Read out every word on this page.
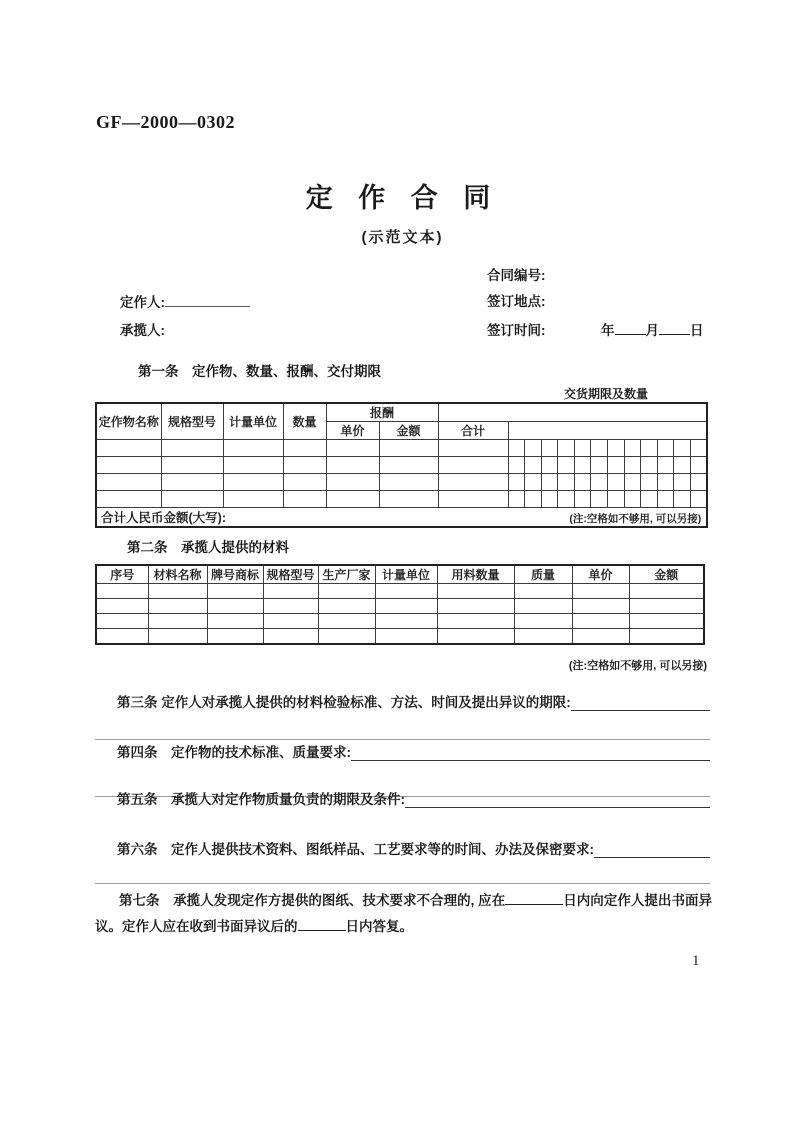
GF—2000—0302
定 作 合 同
(示范文本)
合同编号:
定作人:	签订地点:
承揽人:	签订时间:	年 月 日
第一条　定作物、数量、报酬、交付期限
交货期限及数量
定作物名称	规格型号	计量单位	数量	报酬														
				单价	金额	合计												

合计人民币金额(大写): (注:空格如不够用, 可以另接)																		
第二条　承揽人提供的材料
序号	材料名称	牌号商标	规格型号	生产厂家	计量单位	用料数量	质量	单价	金额

(注:空格如不够用, 可以另接)
第三条 定作人对承揽人提供的材料检验标准、方法、时间及提出异议的期限:
第四条　定作物的技术标准、质量要求:
第五条　承揽人对定作物质量负责的期限及条件:
第六条　定作人提供技术资料、图纸样品、工艺要求等的时间、办法及保密要求:

第七条　承揽人发现定作方提供的图纸、技术要求不合理的, 应在	日内向定作人提出书面异议。定作人应在收到书面异议后的	日内答复。

1
